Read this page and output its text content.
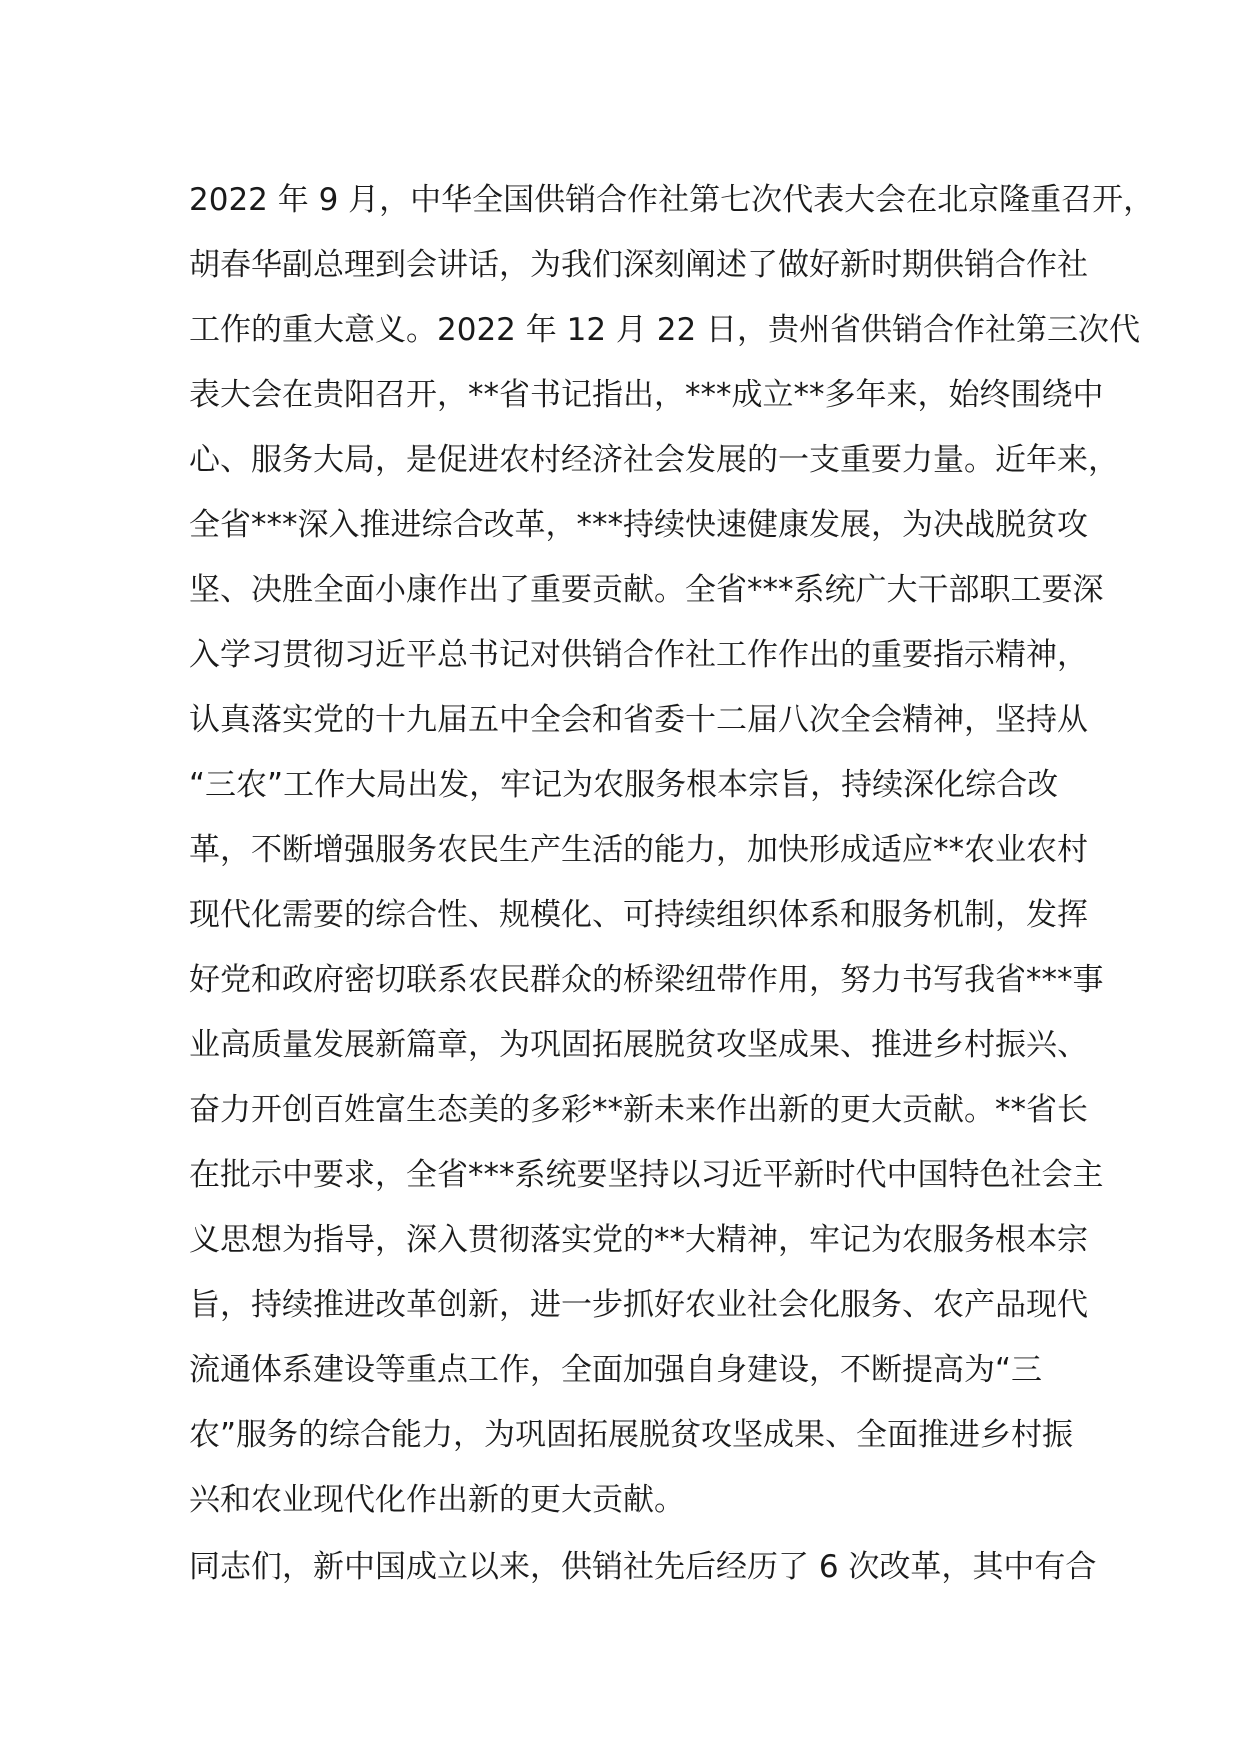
2022 年 9 月，中华全国供销合作社第七次代表大会在北京隆重召开，
胡春华副总理到会讲话，为我们深刻阐述了做好新时期供销合作社
工作的重大意义。2022 年 12 月 22 日，贵州省供销合作社第三次代
表大会在贵阳召开，**省书记指出，***成立**多年来，始终围绕中
心、服务大局，是促进农村经济社会发展的一支重要力量。近年来，
全省***深入推进综合改革，***持续快速健康发展，为决战脱贫攻
坚、决胜全面小康作出了重要贡献。全省***系统广大干部职工要深
入学习贯彻习近平总书记对供销合作社工作作出的重要指示精神，
认真落实党的十九届五中全会和省委十二届八次全会精神，坚持从
“三农”工作大局出发，牢记为农服务根本宗旨，持续深化综合改
革，不断增强服务农民生产生活的能力，加快形成适应**农业农村
现代化需要的综合性、规模化、可持续组织体系和服务机制，发挥
好党和政府密切联系农民群众的桥梁纽带作用，努力书写我省***事
业高质量发展新篇章，为巩固拓展脱贫攻坚成果、推进乡村振兴、
奋力开创百姓富生态美的多彩**新未来作出新的更大贡献。**省长
在批示中要求，全省***系统要坚持以习近平新时代中国特色社会主
义思想为指导，深入贯彻落实党的**大精神，牢记为农服务根本宗
旨，持续推进改革创新，进一步抓好农业社会化服务、农产品现代
流通体系建设等重点工作，全面加强自身建设，不断提高为“三
农”服务的综合能力，为巩固拓展脱贫攻坚成果、全面推进乡村振
兴和农业现代化作出新的更大贡献。
同志们，新中国成立以来，供销社先后经历了 6 次改革，其中有合
